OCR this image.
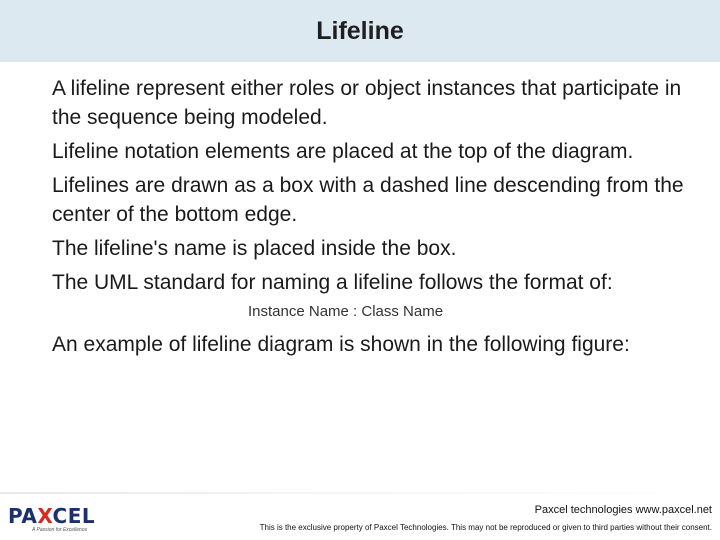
Lifeline

A lifeline represent either roles or object instances that participate in the sequence being modeled.

Lifeline notation elements are placed at the top of the diagram.

Lifelines are drawn as a box with a dashed line descending from the center of the bottom edge.

The lifeline's name is placed inside the box.

The UML standard for naming a lifeline follows the format of:

Instance Name : Class Name

An example of lifeline diagram is shown in the following figure:

PAXCEL
A Passion for Excellence
Paxcel technologies www.paxcel.net
This is the exclusive property of Paxcel Technologies. This may not be reproduced or given to third parties without their consent.
